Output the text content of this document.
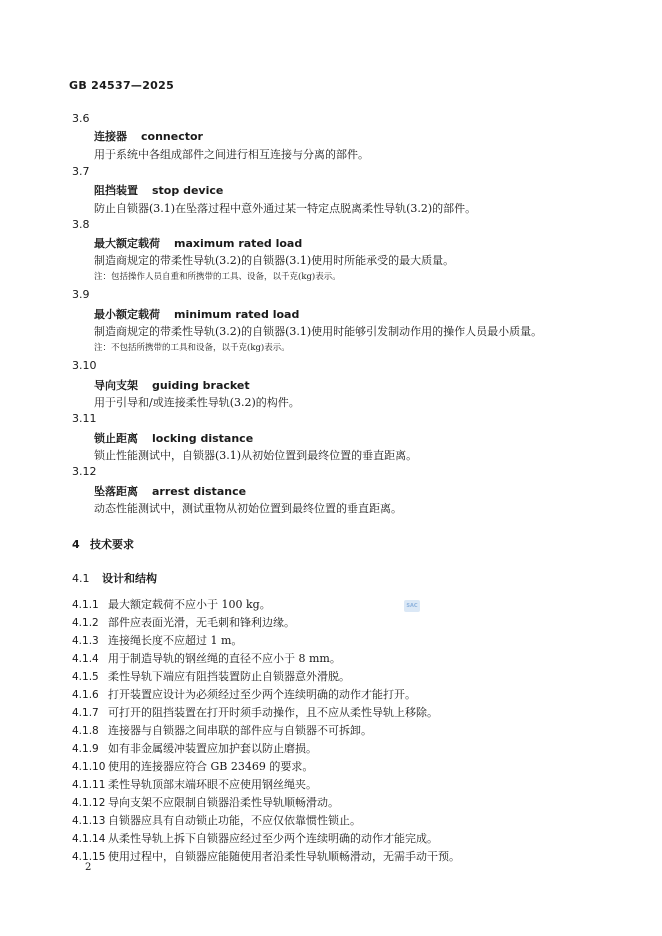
GB 24537—2025
3.6
连接器 connector
用于系统中各组成部件之间进行相互连接与分离的部件。
3.7
阻挡装置 stop device
防止自锁器(3.1)在坠落过程中意外通过某一特定点脱离柔性导轨(3.2)的部件。
3.8
最大额定载荷 maximum rated load
制造商规定的带柔性导轨(3.2)的自锁器(3.1)使用时所能承受的最大质量。
注：包括操作人员自重和所携带的工具、设备，以千克(kg)表示。
3.9
最小额定载荷 minimum rated load
制造商规定的带柔性导轨(3.2)的自锁器(3.1)使用时能够引发制动作用的操作人员最小质量。
注：不包括所携带的工具和设备，以千克(kg)表示。
3.10
导向支架 guiding bracket
用于引导和/或连接柔性导轨(3.2)的构件。
3.11
锁止距离 locking distance
锁止性能测试中，自锁器(3.1)从初始位置到最终位置的垂直距离。
3.12
坠落距离 arrest distance
动态性能测试中，测试重物从初始位置到最终位置的垂直距离。
4 技术要求
4.1 设计和结构
SAC
4.1.1 最大额定载荷不应小于 100 kg。
4.1.2 部件应表面光滑，无毛刺和锋利边缘。
4.1.3 连接绳长度不应超过 1 m。
4.1.4 用于制造导轨的钢丝绳的直径不应小于 8 mm。
4.1.5 柔性导轨下端应有阻挡装置防止自锁器意外滑脱。
4.1.6 打开装置应设计为必须经过至少两个连续明确的动作才能打开。
4.1.7 可打开的阻挡装置在打开时须手动操作，且不应从柔性导轨上移除。
4.1.8 连接器与自锁器之间串联的部件应与自锁器不可拆卸。
4.1.9 如有非金属缓冲装置应加护套以防止磨损。
4.1.10 使用的连接器应符合 GB 23469 的要求。
4.1.11 柔性导轨顶部末端环眼不应使用钢丝绳夹。
4.1.12 导向支架不应限制自锁器沿柔性导轨顺畅滑动。
4.1.13 自锁器应具有自动锁止功能，不应仅依靠惯性锁止。
4.1.14 从柔性导轨上拆下自锁器应经过至少两个连续明确的动作才能完成。
4.1.15 使用过程中，自锁器应能随使用者沿柔性导轨顺畅滑动，无需手动干预。
2
